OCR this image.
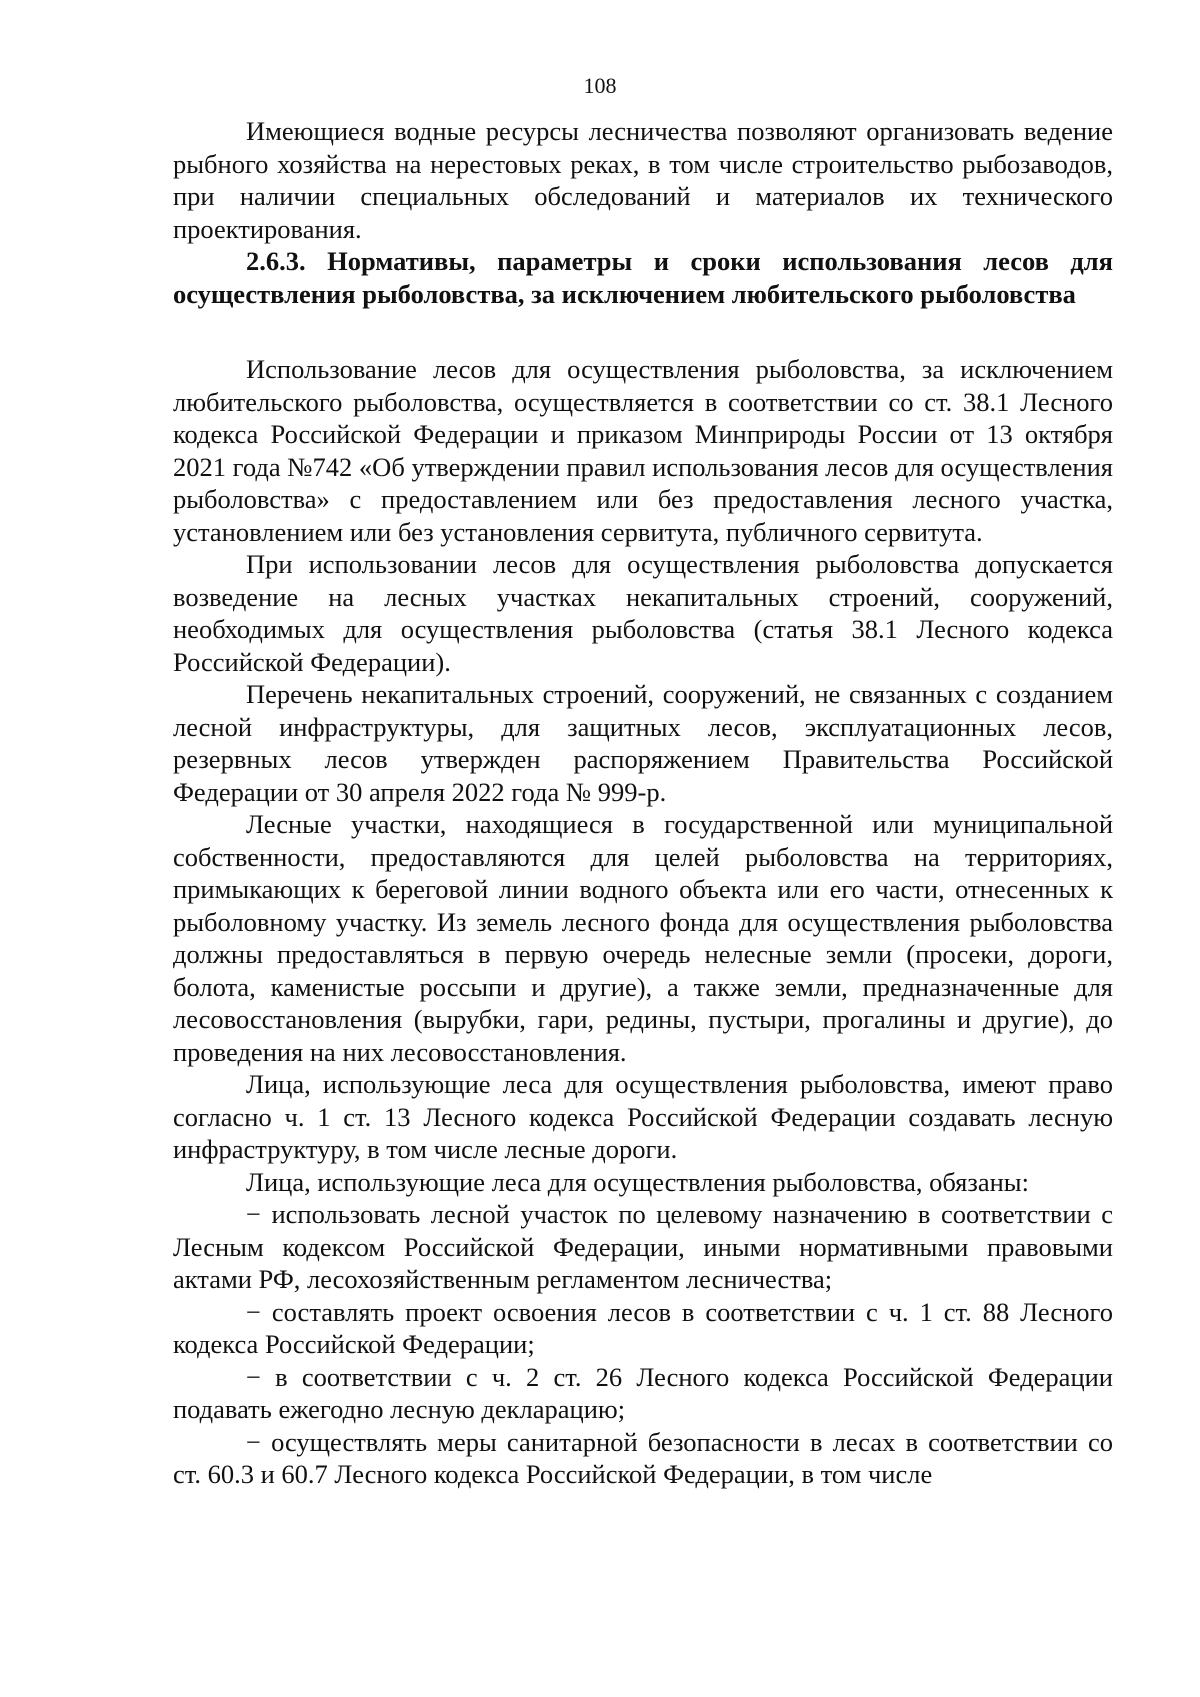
108

Имеющиеся водные ресурсы лесничества позволяют организовать ведение рыбного хозяйства на нерестовых реках, в том числе строительство рыбозаводов, при наличии специальных обследований и материалов их технического проектирования.

2.6.3. Нормативы, параметры и сроки использования лесов для осуществления рыболовства, за исключением любительского рыболовства

Использование лесов для осуществления рыболовства, за исключением любительского рыболовства, осуществляется в соответствии со ст. 38.1 Лесного кодекса Российской Федерации и приказом Минприроды России от 13 октября 2021 года №742 «Об утверждении правил использования лесов для осуществления рыболовства» с предоставлением или без предоставления лесного участка, установлением или без установления сервитута, публичного сервитута.

При использовании лесов для осуществления рыболовства допускается возведение на лесных участках некапитальных строений, сооружений, необходимых для осуществления рыболовства (статья 38.1 Лесного кодекса Российской Федерации).

Перечень некапитальных строений, сооружений, не связанных с созданием лесной инфраструктуры, для защитных лесов, эксплуатационных лесов, резервных лесов утвержден распоряжением Правительства Российской Федерации от 30 апреля 2022 года № 999-р.

Лесные участки, находящиеся в государственной или муниципальной собственности, предоставляются для целей рыболовства на территориях, примыкающих к береговой линии водного объекта или его части, отнесенных к рыболовному участку. Из земель лесного фонда для осуществления рыболовства должны предоставляться в первую очередь нелесные земли (просеки, дороги, болота, каменистые россыпи и другие), а также земли, предназначенные для лесовосстановления (вырубки, гари, редины, пустыри, прогалины и другие), до проведения на них лесовосстановления.

Лица, использующие леса для осуществления рыболовства, имеют право согласно ч. 1 ст. 13 Лесного кодекса Российской Федерации создавать лесную инфраструктуру, в том числе лесные дороги.

Лица, использующие леса для осуществления рыболовства, обязаны:

− использовать лесной участок по целевому назначению в соответствии с Лесным кодексом Российской Федерации, иными нормативными правовыми актами РФ, лесохозяйственным регламентом лесничества;

− составлять проект освоения лесов в соответствии с ч. 1 ст. 88 Лесного кодекса Российской Федерации;

− в соответствии с ч. 2 ст. 26 Лесного кодекса Российской Федерации подавать ежегодно лесную декларацию;

− осуществлять меры санитарной безопасности в лесах в соответствии со ст. 60.3 и 60.7 Лесного кодекса Российской Федерации, в том числе
